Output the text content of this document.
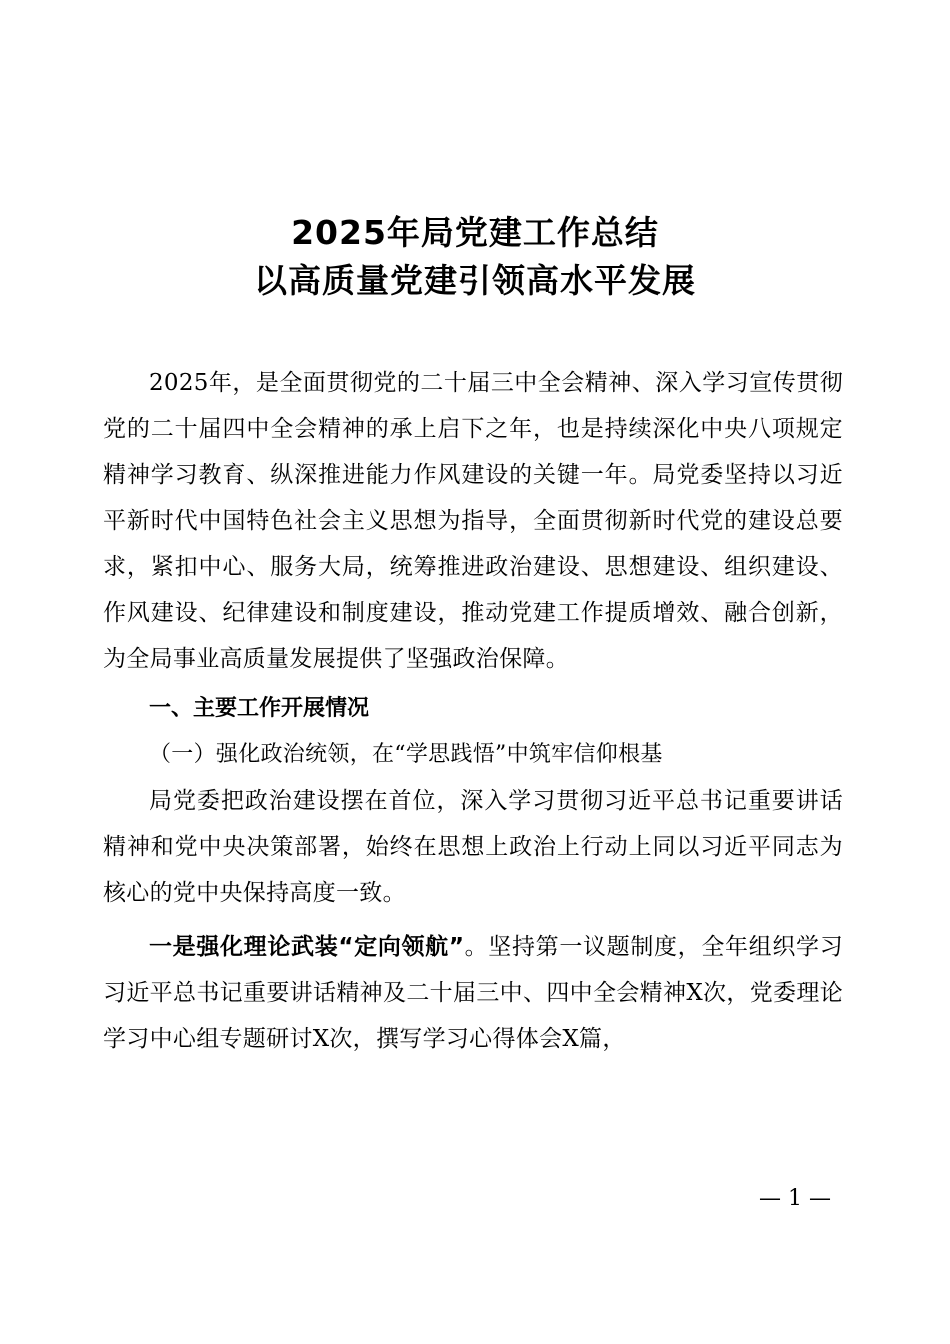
2025年局党建工作总结
以高质量党建引领高水平发展

2025年，是全面贯彻党的二十届三中全会精神、深入学习宣传贯彻党的二十届四中全会精神的承上启下之年，也是持续深化中央八项规定精神学习教育、纵深推进能力作风建设的关键一年。局党委坚持以习近平新时代中国特色社会主义思想为指导，全面贯彻新时代党的建设总要求，紧扣中心、服务大局，统筹推进政治建设、思想建设、组织建设、作风建设、纪律建设和制度建设，推动党建工作提质增效、融合创新，为全局事业高质量发展提供了坚强政治保障。

一、主要工作开展情况

（一）强化政治统领，在“学思践悟”中筑牢信仰根基

局党委把政治建设摆在首位，深入学习贯彻习近平总书记重要讲话精神和党中央决策部署，始终在思想上政治上行动上同以习近平同志为核心的党中央保持高度一致。

一是强化理论武装“定向领航”。坚持第一议题制度，全年组织学习习近平总书记重要讲话精神及二十届三中、四中全会精神X次，党委理论学习中心组专题研讨X次，撰写学习心得体会X篇，

— 1 —
